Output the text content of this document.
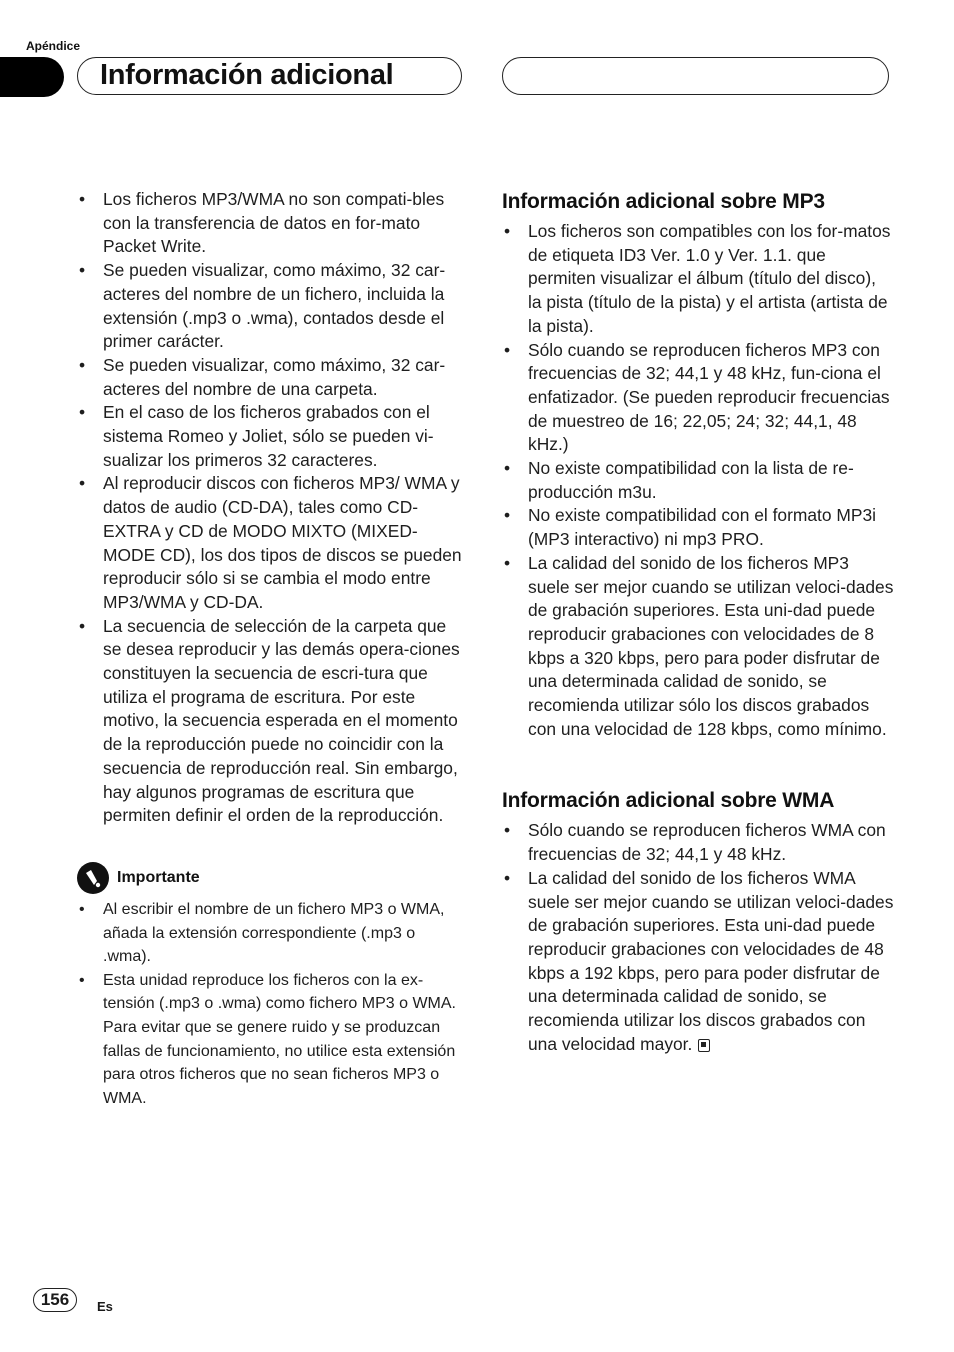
Apéndice
Información adicional
• Los ficheros MP3/WMA no son compati-bles con la transferencia de datos en for-mato Packet Write.
• Se pueden visualizar, como máximo, 32 car-acteres del nombre de un fichero, incluida la extensión (.mp3 o .wma), contados desde el primer carácter.
• Se pueden visualizar, como máximo, 32 car-acteres del nombre de una carpeta.
• En el caso de los ficheros grabados con el sistema Romeo y Joliet, sólo se pueden vi-sualizar los primeros 32 caracteres.
• Al reproducir discos con ficheros MP3/ WMA y datos de audio (CD-DA), tales como CD-EXTRA y CD de MODO MIXTO (MIXED-MODE CD), los dos tipos de discos se pueden reproducir sólo si se cambia el modo entre MP3/WMA y CD-DA.
• La secuencia de selección de la carpeta que se desea reproducir y las demás opera-ciones constituyen la secuencia de escri-tura que utiliza el programa de escritura. Por este motivo, la secuencia esperada en el momento de la reproducción puede no coincidir con la secuencia de reproducción real. Sin embargo, hay algunos programas de escritura que permiten definir el orden de la reproducción.
Importante
• Al escribir el nombre de un fichero MP3 o WMA, añada la extensión correspondiente (.mp3 o .wma).
• Esta unidad reproduce los ficheros con la ex-tensión (.mp3 o .wma) como fichero MP3 o WMA. Para evitar que se genere ruido y se produzcan fallas de funcionamiento, no utilice esta extensión para otros ficheros que no sean ficheros MP3 o WMA.
Información adicional sobre MP3
• Los ficheros son compatibles con los for-matos de etiqueta ID3 Ver. 1.0 y Ver. 1.1. que permiten visualizar el álbum (título del disco), la pista (título de la pista) y el artista (artista de la pista).
• Sólo cuando se reproducen ficheros MP3 con frecuencias de 32; 44,1 y 48 kHz, fun-ciona el enfatizador. (Se pueden reproducir frecuencias de muestreo de 16; 22,05; 24; 32; 44,1, 48 kHz.)
• No existe compatibilidad con la lista de re-producción m3u.
• No existe compatibilidad con el formato MP3i (MP3 interactivo) ni mp3 PRO.
• La calidad del sonido de los ficheros MP3 suele ser mejor cuando se utilizan veloci-dades de grabación superiores. Esta uni-dad puede reproducir grabaciones con velocidades de 8 kbps a 320 kbps, pero para poder disfrutar de una determinada calidad de sonido, se recomienda utilizar sólo los discos grabados con una velocidad de 128 kbps, como mínimo.
Información adicional sobre WMA
• Sólo cuando se reproducen ficheros WMA con frecuencias de 32; 44,1 y 48 kHz.
• La calidad del sonido de los ficheros WMA suele ser mejor cuando se utilizan veloci-dades de grabación superiores. Esta uni-dad puede reproducir grabaciones con velocidades de 48 kbps a 192 kbps, pero para poder disfrutar de una determinada calidad de sonido, se recomienda utilizar los discos grabados con una velocidad mayor.
156	Es
